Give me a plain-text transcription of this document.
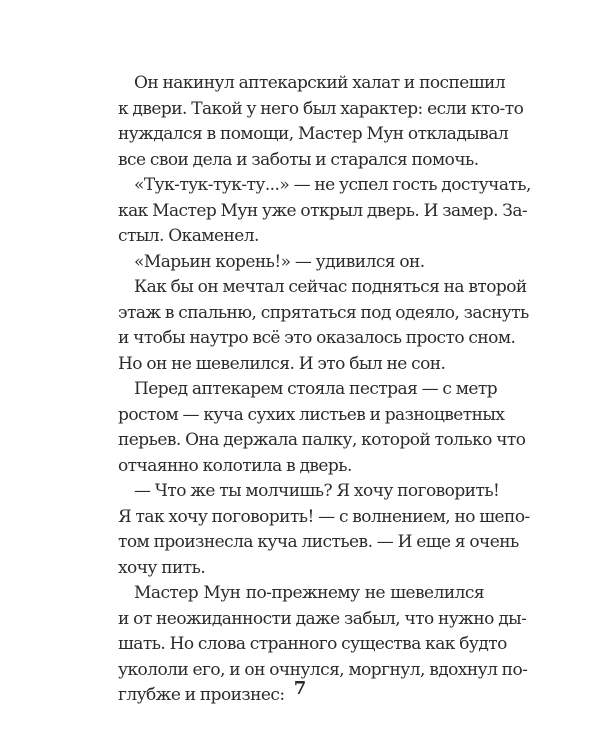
Он накинул аптекарский халат и поспешил
к двери. Такой у него был характер: если кто-то
нуждался в помощи, Мастер Мун откладывал
все свои дела и заботы и старался помочь.
«Тук-тук-тук-ту...» — не успел гость достучать,
как Мастер Мун уже открыл дверь. И замер. За-
стыл. Окаменел.
«Марьин корень!» — удивился он.
Как бы он мечтал сейчас подняться на второй
этаж в спальню, спрятаться под одеяло, заснуть
и чтобы наутро всё это оказалось просто сном.
Но он не шевелился. И это был не сон.
Перед аптекарем стояла пестрая — с метр
ростом — куча сухих листьев и разноцветных
перьев. Она держала палку, которой только что
отчаянно колотила в дверь.
— Что же ты молчишь? Я хочу поговорить!
Я так хочу поговорить! — с волнением, но шепо-
том произнесла куча листьев. — И еще я очень
хочу пить.
Мастер Мун по-прежнему не шевелился
и от неожиданности даже забыл, что нужно ды-
шать. Но слова странного существа как будто
укололи его, и он очнулся, моргнул, вдохнул по-
глубже и произнес: 7
